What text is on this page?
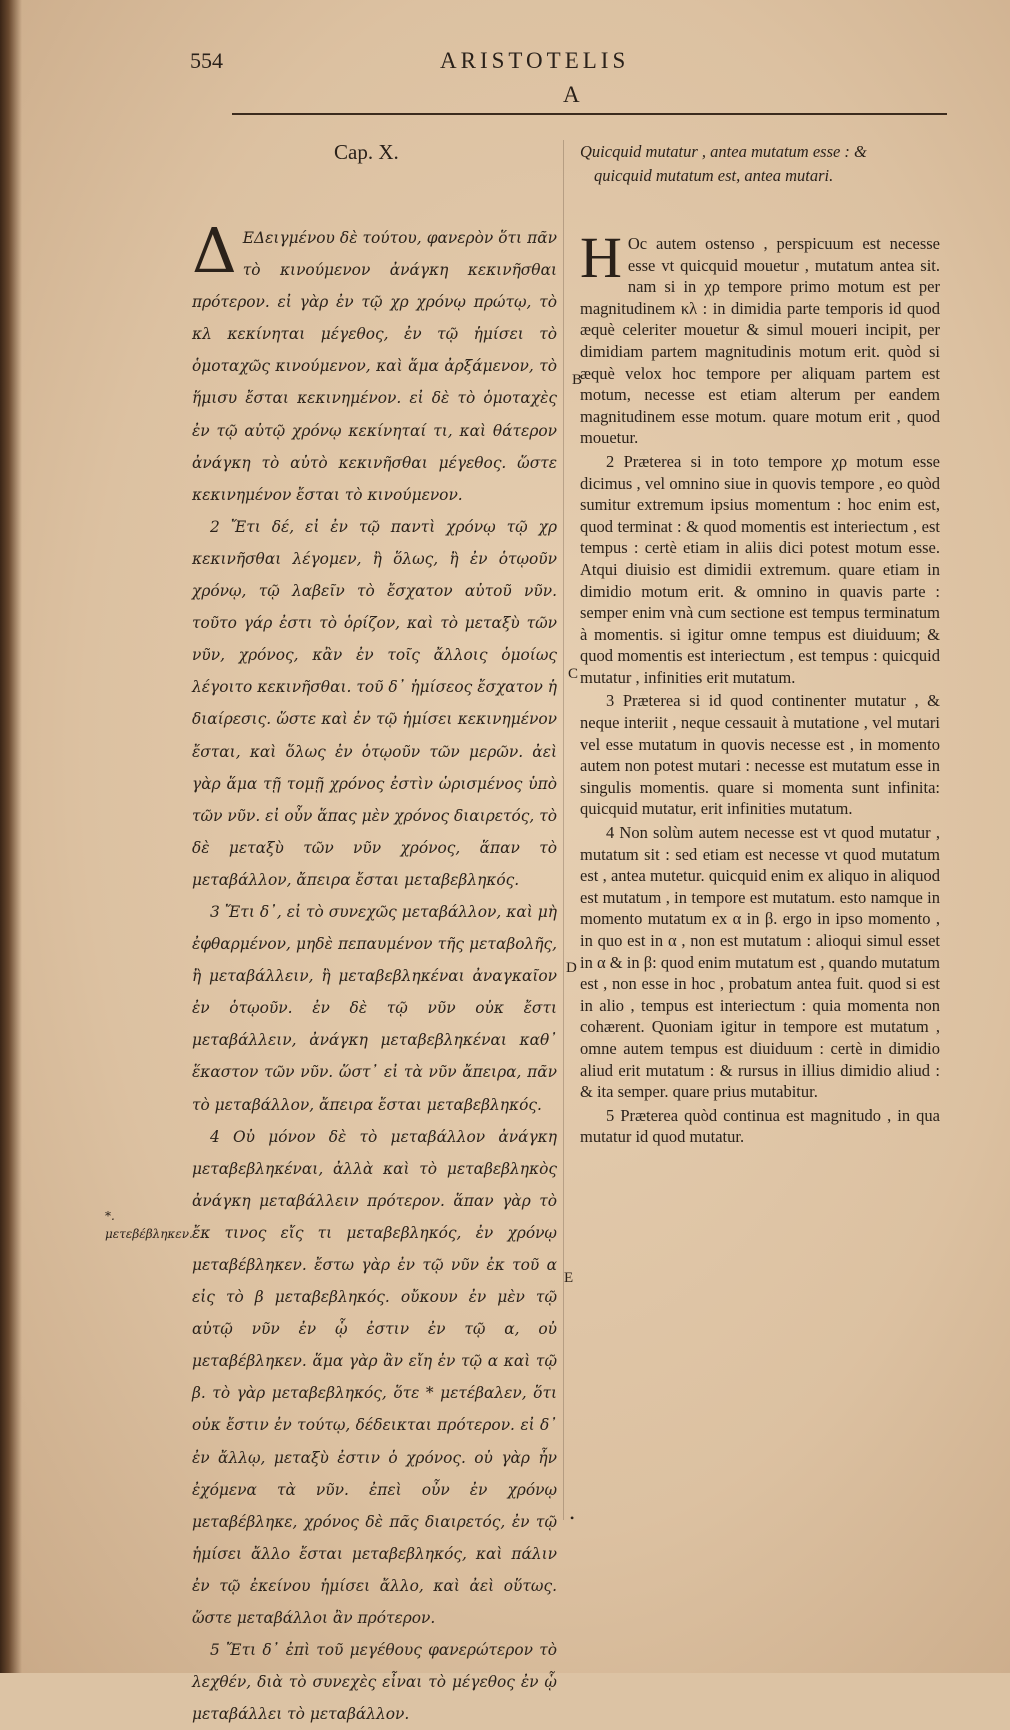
554	ARISTOTELIS
A
Cap. X.

Δ ΕΔειγμένου δὲ τούτου, φανερὸν ὅτι πᾶν τὸ κινούμενον ἀνάγκη κεκινῆσθαι πρότερον. εἰ γὰρ ἐν τῷ χρ χρόνῳ πρώτῳ, τὸ κλ κεκίνηται μέγεθος, ἐν τῷ ἡμίσει τὸ ὁμοταχῶς κινούμενον, καὶ ἅμα ἀρξάμενον, τὸ ἥμισυ ἔσται κεκινημένον. εἰ δὲ τὸ ὁμοταχὲς ἐν τῷ αὐτῷ χρόνῳ κεκίνηταί τι, καὶ θάτερον ἀνάγκη τὸ αὐτὸ κεκινῆσθαι μέγεθος. ὥστε κεκινημένον ἔσται τὸ κινούμενον.

2 Ἔτι δέ, εἰ ἐν τῷ παντὶ χρόνῳ τῷ χρ κεκινῆσθαι λέγομεν, ἢ ὅλως, ἢ ἐν ὁτῳοῦν χρόνῳ, τῷ λαβεῖν τὸ ἔσχατον αὐτοῦ νῦν. τοῦτο γάρ ἐστι τὸ ὁρίζον, καὶ τὸ μεταξὺ τῶν νῦν, χρόνος, κἂν ἐν τοῖς ἄλλοις ὁμοίως λέγοιτο κεκινῆσθαι. τοῦ δ᾽ ἡμίσεος ἔσχατον ἡ διαίρεσις. ὥστε καὶ ἐν τῷ ἡμίσει κεκινημένον ἔσται, καὶ ὅλως ἐν ὁτῳοῦν τῶν μερῶν. ἀεὶ γὰρ ἅμα τῇ τομῇ χρόνος ἐστὶν ὡρισμένος ὑπὸ τῶν νῦν. εἰ οὖν ἅπας μὲν χρόνος διαιρετός, τὸ δὲ μεταξὺ τῶν νῦν χρόνος, ἅπαν τὸ μεταβάλλον, ἄπειρα ἔσται μεταβεβληκός.

3 Ἔτι δ᾽, εἰ τὸ συνεχῶς μεταβάλλον, καὶ μὴ ἐφθαρμένον, μηδὲ πεπαυμένον τῆς μεταβολῆς, ἢ μεταβάλλειν, ἢ μεταβεβληκέναι ἀναγκαῖον ἐν ὁτῳοῦν. ἐν δὲ τῷ νῦν οὐκ ἔστι μεταβάλλειν, ἀνάγκη μεταβεβληκέναι καθ᾽ ἕκαστον τῶν νῦν. ὥστ᾽ εἰ τὰ νῦν ἄπειρα, πᾶν τὸ μεταβάλλον, ἄπειρα ἔσται μεταβεβληκός.

4 Οὐ μόνον δὲ τὸ μεταβάλλον ἀνάγκη μεταβεβληκέναι, ἀλλὰ καὶ τὸ μεταβεβληκὸς ἀνάγκη μεταβάλλειν πρότερον. ἅπαν γὰρ τὸ ἔκ τινος εἴς τι μεταβεβληκός, ἐν χρόνῳ μεταβέβληκεν. ἔστω γὰρ ἐν τῷ νῦν ἐκ τοῦ α εἰς τὸ β μεταβεβληκός. οὔκουν ἐν μὲν τῷ αὐτῷ νῦν ἐν ᾧ ἐστιν ἐν τῷ α, οὐ μεταβέβληκεν. ἅμα γὰρ ἂν εἴη ἐν τῷ α καὶ τῷ β. τὸ γὰρ μεταβεβληκός, ὅτε * μετέβαλεν, ὅτι οὐκ ἔστιν ἐν τούτῳ, δέδεικται πρότερον. εἰ δ᾽ ἐν ἄλλῳ, μεταξὺ ἐστιν ὁ χρόνος. οὐ γὰρ ἦν ἐχόμενα τὰ νῦν. ἐπεὶ οὖν ἐν χρόνῳ μεταβέβληκε, χρόνος δὲ πᾶς διαιρετός, ἐν τῷ ἡμίσει ἄλλο ἔσται μεταβεβληκός, καὶ πάλιν ἐν τῷ ἐκείνου ἡμίσει ἄλλο, καὶ ἀεὶ οὕτως. ὥστε μεταβάλλοι ἂν πρότερον.

5 Ἔτι δ᾽ ἐπὶ τοῦ μεγέθους φανερώτερον τὸ λεχθέν, διὰ τὸ συνεχὲς εἶναι τὸ μέγεθος ἐν ᾧ μεταβάλλει τὸ μεταβάλλον.

*. μετεβέβληκεν.
B
C
D
E
Quicquid mutatur , antea mutatum esse : &
quicquid mutatum est, antea mutari.

H Oc autem ostenso , perspicuum est necesse esse vt quicquid mouetur , mutatum antea sit. nam si in χρ tempore primo motum est per magnitudinem κλ : in dimidia parte temporis id quod æquè celeriter mouetur & simul moueri incipit, per dimidiam partem magnitudinis motum erit. quòd si æquè velox hoc tempore per aliquam partem est motum, necesse est etiam alterum per eandem magnitudinem esse motum. quare motum erit , quod mouetur.

2 Præterea si in toto tempore χρ motum esse dicimus , vel omnino siue in quovis tempore , eo quòd sumitur extremum ipsius momentum : hoc enim est, quod terminat : & quod momentis est interiectum , est tempus : certè etiam in aliis dici potest motum esse. Atqui diuisio est dimidii extremum. quare etiam in dimidio motum erit. & omnino in quavis parte : semper enim vnà cum sectione est tempus terminatum à momentis. si igitur omne tempus est diuiduum; & quod momentis est interiectum , est tempus : quicquid mutatur , infinities erit mutatum.

3 Præterea si id quod continenter mutatur , & neque interiit , neque cessauit à mutatione , vel mutari vel esse mutatum in quovis necesse est , in momento autem non potest mutari : necesse est mutatum esse in singulis momentis. quare si momenta sunt infinita: quicquid mutatur, erit infinities mutatum.

4 Non solùm autem necesse est vt quod mutatur , mutatum sit : sed etiam est necesse vt quod mutatum est , antea mutetur. quicquid enim ex aliquo in aliquod est mutatum , in tempore est mutatum. esto namque in momento mutatum ex α in β. ergo in ipso momento , in quo est in α , non est mutatum : alioqui simul esset in α & in β: quod enim mutatum est , quando mutatum est , non esse in hoc , probatum antea fuit. quod si est in alio , tempus est interiectum : quia momenta non cohærent. Quoniam igitur in tempore est mutatum , omne autem tempus est diuiduum : certè in dimidio aliud erit mutatum : & rursus in illius dimidio aliud : & ita semper. quare prius mutabitur.

5 Præterea quòd continua est magnitudo , in qua mutatur id quod mutatur.

•
